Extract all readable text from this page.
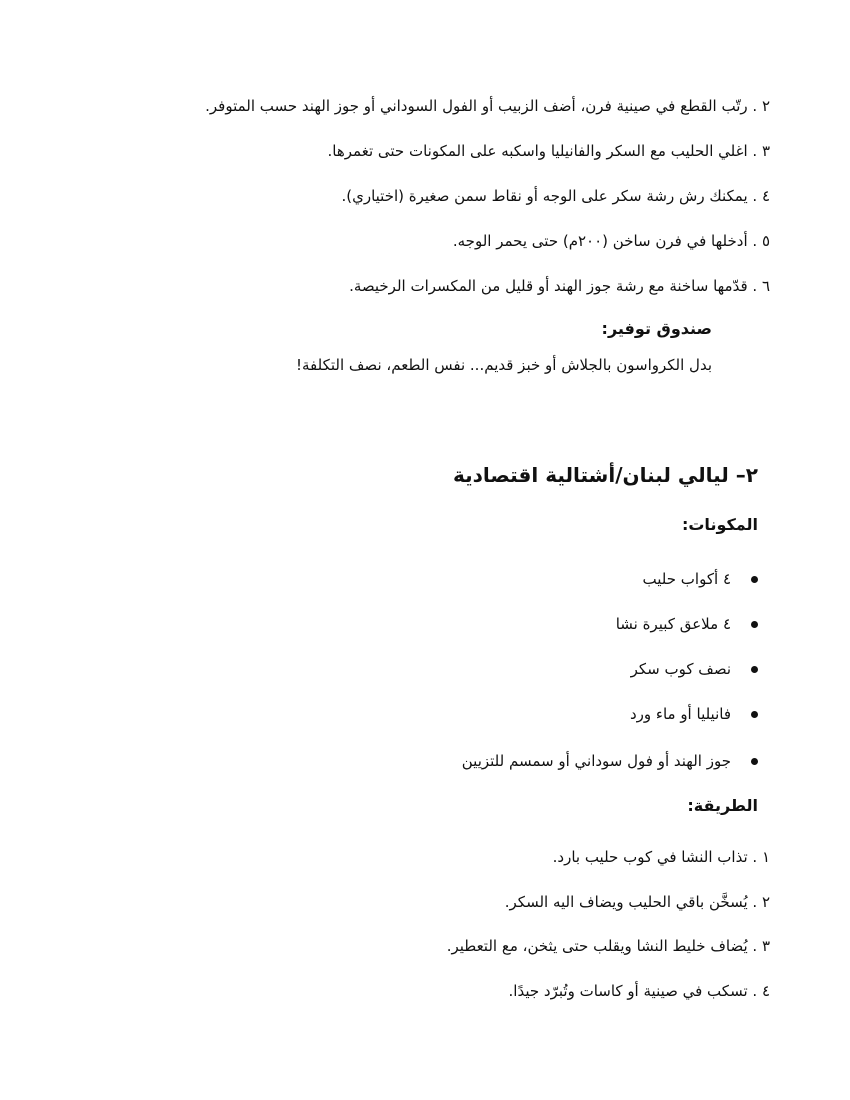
٢ . رتّب القطع في صينية فرن، أضف الزبيب أو الفول السوداني أو جوز الهند حسب المتوفر.
٣ . اغلي الحليب مع السكر والفانيليا واسكبه على المكونات حتى تغمرها.
٤ . يمكنك رش رشة سكر على الوجه أو نقاط سمن صغيرة (اختياري).
٥ . أدخلها في فرن ساخن (٢٠٠م) حتى يحمر الوجه.
٦ . قدّمها ساخنة مع رشة جوز الهند أو قليل من المكسرات الرخيصة.
صندوق توفير:
بدل الكرواسون بالجلاش أو خبز قديم... نفس الطعم، نصف التكلفة!
٢– ليالي لبنان/أشتالية اقتصادية
المكونات:
٤ أكواب حليب
٤ ملاعق كبيرة نشا
نصف كوب سكر
فانيليا أو ماء ورد
جوز الهند أو فول سوداني أو سمسم للتزيين
الطريقة:
١ . تذاب النشا في كوب حليب بارد.
٢ . يُسخَّن باقي الحليب ويضاف اليه السكر.
٣ . يُضاف خليط النشا ويقلب حتى يثخن، مع التعطير.
٤ . تسكب في صينية أو كاسات وتُبرّد جيدًا.
